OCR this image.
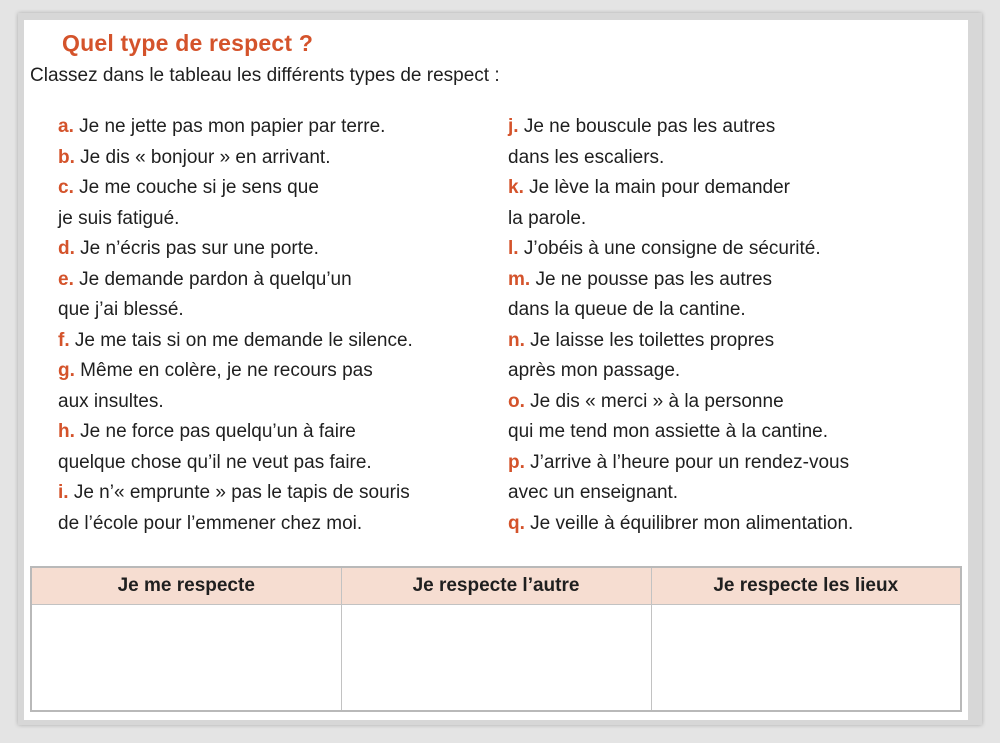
Quel type de respect ?

Classez dans le tableau les différents types de respect :

a. Je ne jette pas mon papier par terre.
b. Je dis « bonjour » en arrivant.
c. Je me couche si je sens que
je suis fatigué.
d. Je n’écris pas sur une porte.
e. Je demande pardon à quelqu’un
que j’ai blessé.
f. Je me tais si on me demande le silence.
g. Même en colère, je ne recours pas
aux insultes.
h. Je ne force pas quelqu’un à faire
quelque chose qu’il ne veut pas faire.
i. Je n’« emprunte » pas le tapis de souris
de l’école pour l’emmener chez moi.
j. Je ne bouscule pas les autres
dans les escaliers.
k. Je lève la main pour demander
la parole.
l. J’obéis à une consigne de sécurité.
m. Je ne pousse pas les autres
dans la queue de la cantine.
n. Je laisse les toilettes propres
après mon passage.
o. Je dis « merci » à la personne
qui me tend mon assiette à la cantine.
p. J’arrive à l’heure pour un rendez-vous
avec un enseignant.
q. Je veille à équilibrer mon alimentation.
Je me respecte	Je respecte l’autre	Je respecte les lieux
